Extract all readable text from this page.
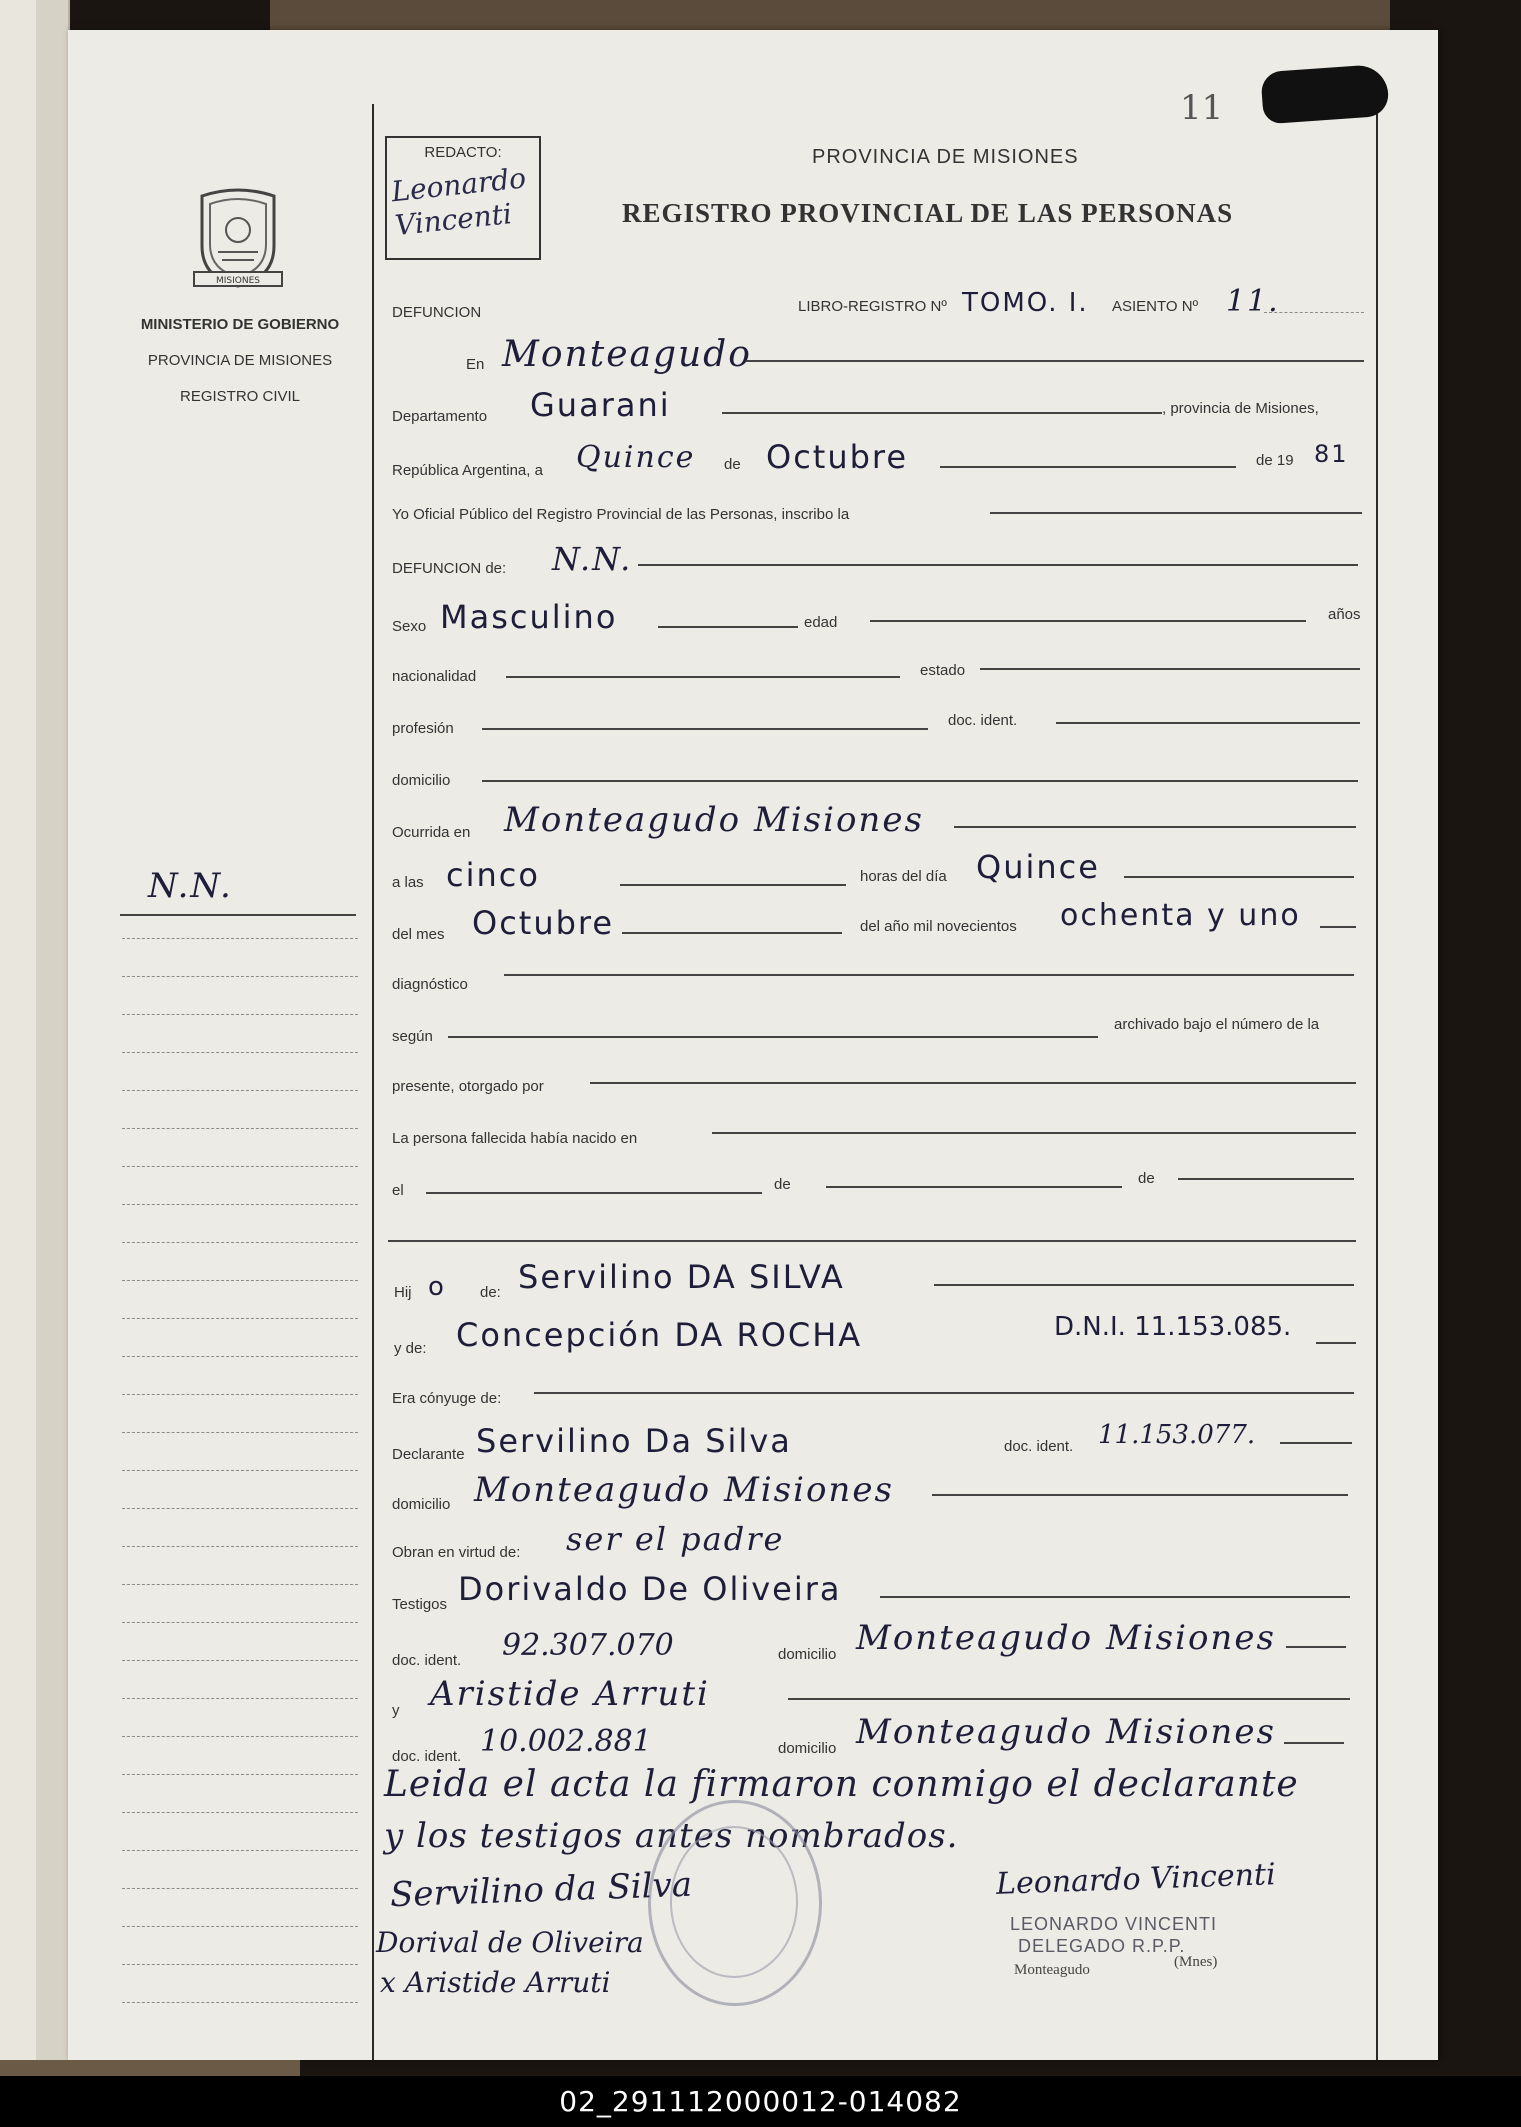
11
MISIONES
MINISTERIO DE GOBIERNO
PROVINCIA DE MISIONES
REGISTRO CIVIL
N.N.
REDACTO:
Leonardo Vincenti
PROVINCIA DE MISIONES
REGISTRO PROVINCIAL DE LAS PERSONAS
DEFUNCION	LIBRO-REGISTRO Nº TOMO. I. ASIENTO Nº 11.
En Monteagudo
Departamento Guarani	, provincia de Misiones,
República Argentina, a Quince de Octubre	de 19 81
Yo Oficial Público del Registro Provincial de las Personas, inscribo la
DEFUNCION de: N.N.
Sexo Masculino	edad	años
nacionalidad	estado
profesión	doc. ident.
domicilio
Ocurrida en Monteagudo Misiones
a las cinco	horas del día Quince
del mes Octubre	del año mil novecientos ochenta y uno
diagnóstico
según
archivado bajo el número de la
presente, otorgado por
La persona fallecida había nacido en
el	de	de
Hij o de: Servilino DA SILVA
y de: Concepción DA ROCHA	D.N.I. 11.153.085.
Era cónyuge de:
Declarante Servilino Da Silva	doc. ident. 11.153.077.
domicilio Monteagudo Misiones
Obran en virtud de: ser el padre
Testigos Dorivaldo De Oliveira
doc. ident. 92.307.070	domicilio Monteagudo Misiones
y Aristide Arruti
doc. ident. 10.002.881	domicilio Monteagudo Misiones
Leida el acta la firmaron conmigo el declarante
y los testigos antes nombrados.
Servilino da Silva	Leonardo Vincenti
Dorival de Oliveira
x Aristide Arruti
LEONARDO VINCENTI
DELEGADO R.P.P.
Monteagudo	(Mnes)
02_291112000012-014082
